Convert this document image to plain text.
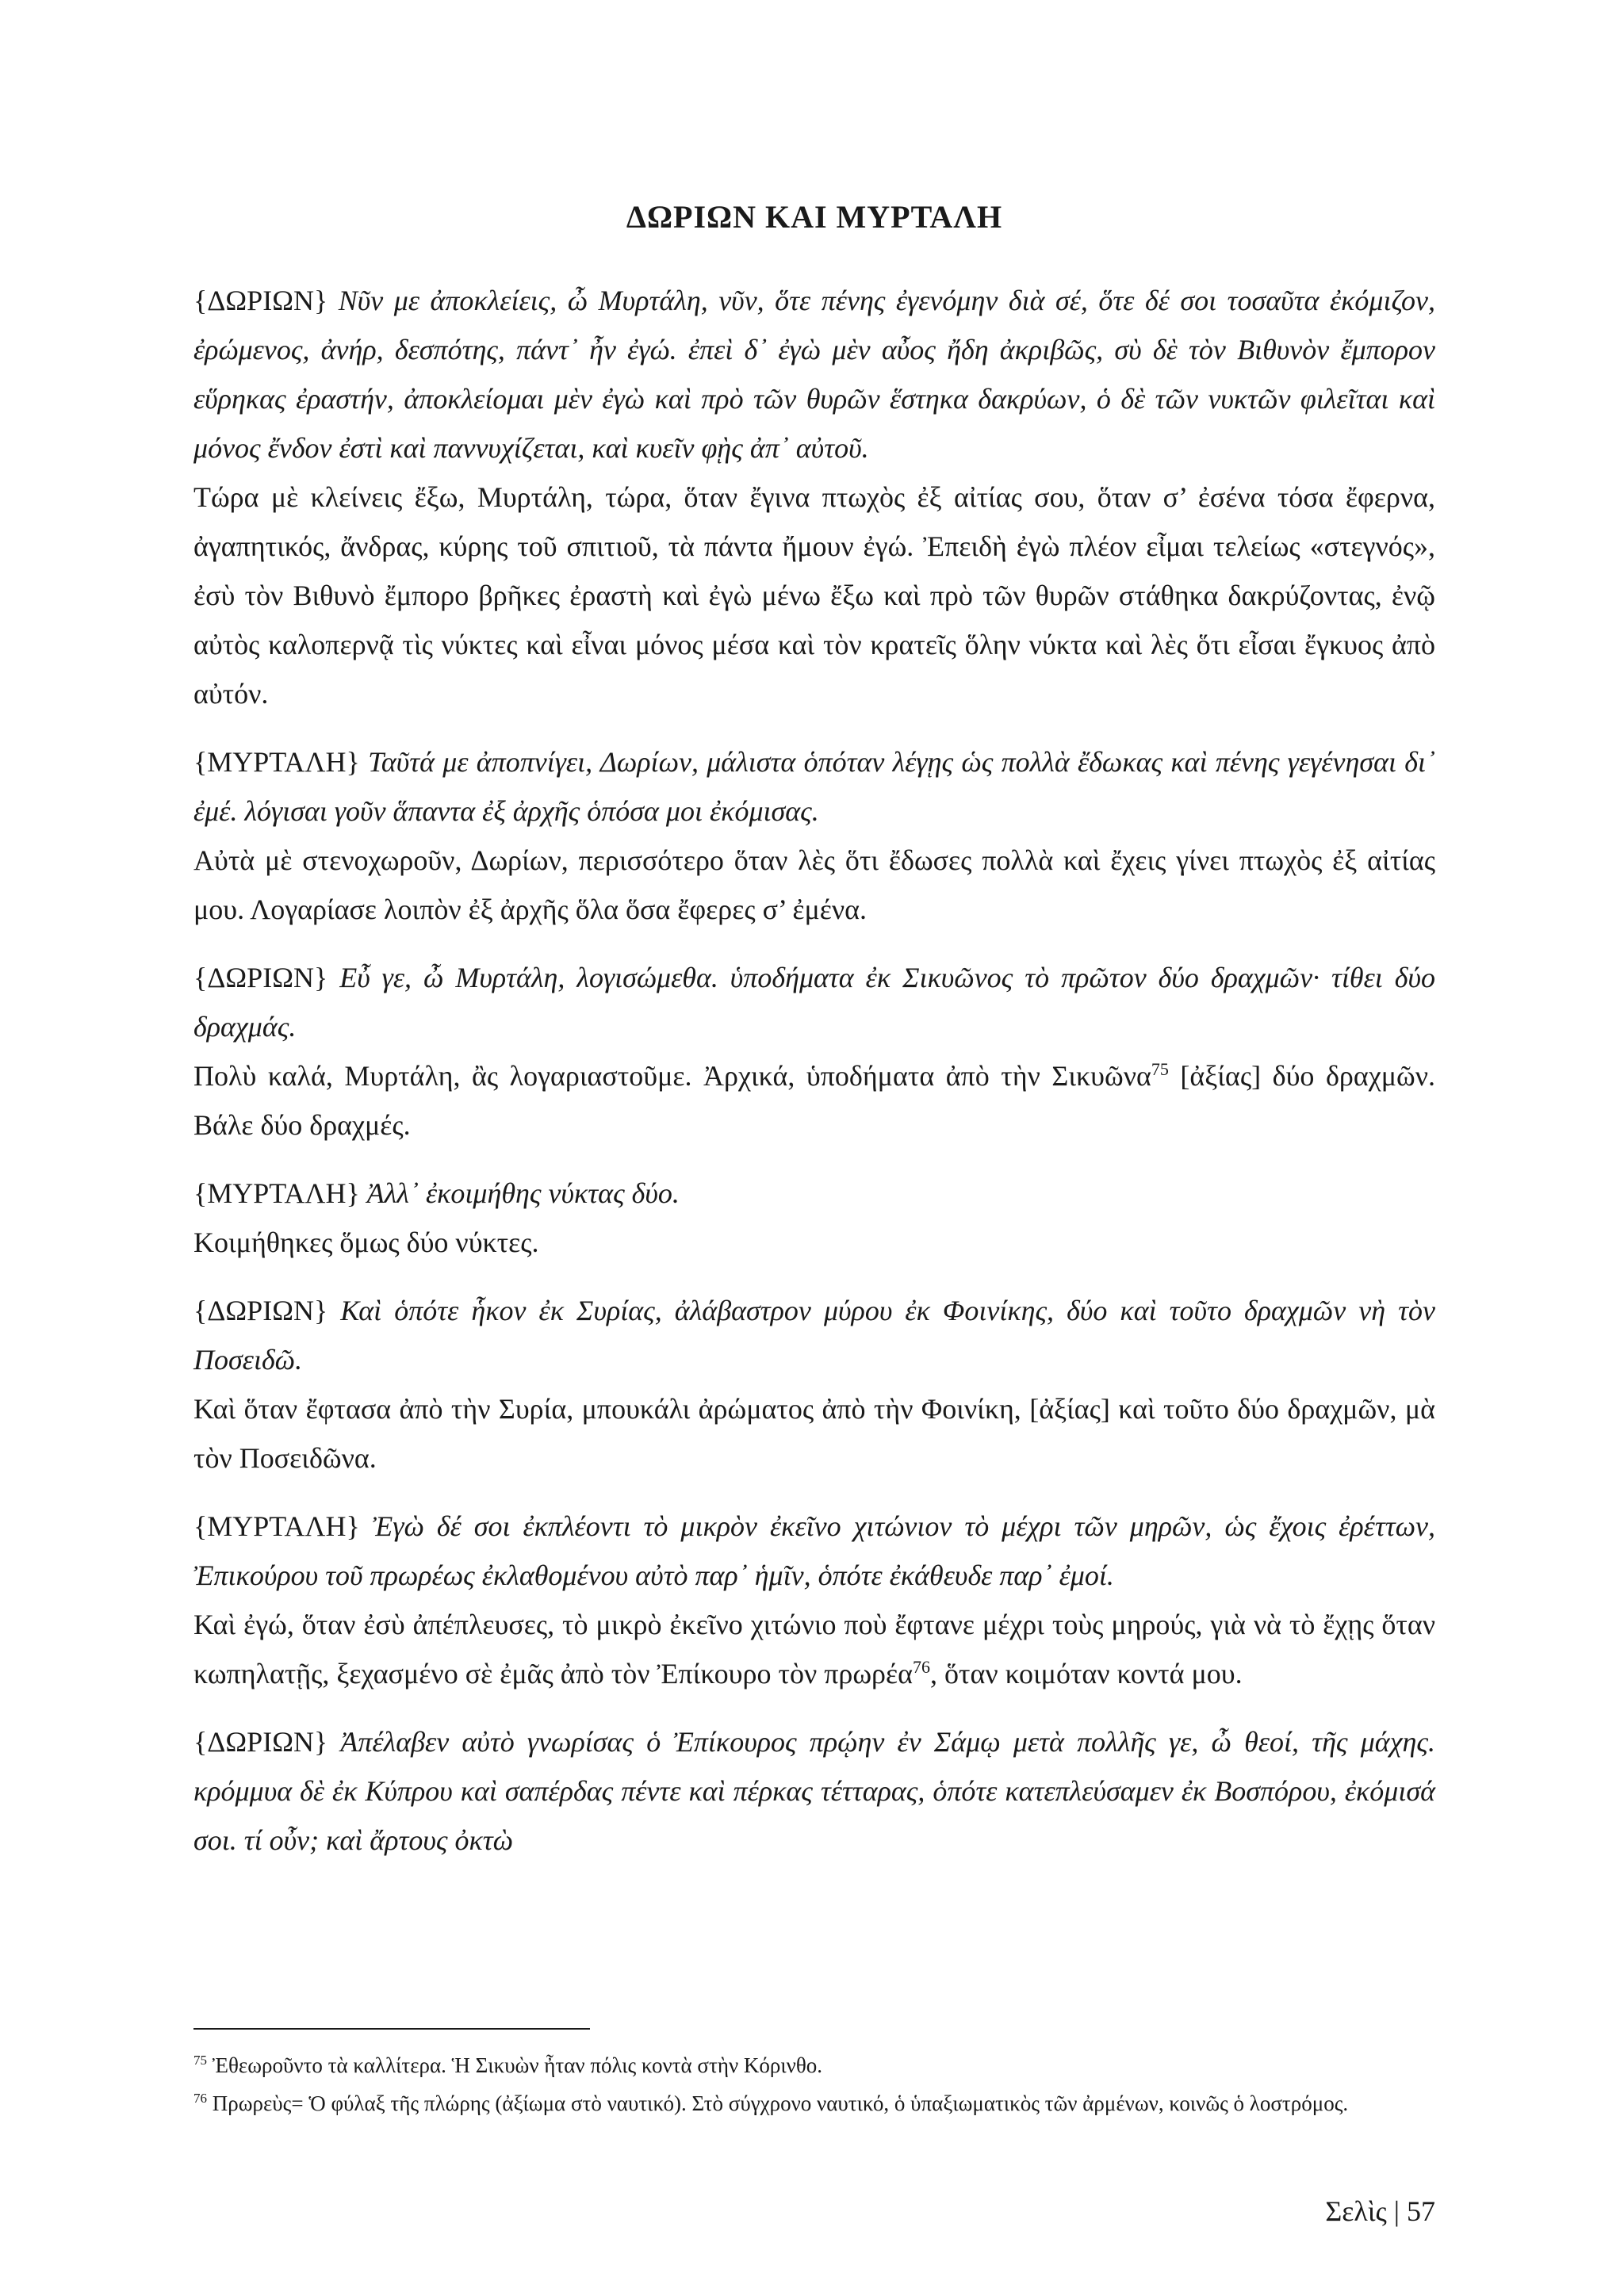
ΔΩΡΙΩΝ ΚΑΙ ΜΥΡΤΑΛΗ

{ΔΩΡΙΩΝ} Νῦν με ἀποκλείεις, ὦ Μυρτάλη, νῦν, ὅτε πένης ἐγενόμην διὰ σέ, ὅτε δέ σοι τοσαῦτα ἐκόμιζον, ἐρώμενος, ἀνήρ, δεσπότης, πάντ᾽ ἦν ἐγώ. ἐπεὶ δ᾽ ἐγὼ μὲν αὖος ἤδη ἀκριβῶς, σὺ δὲ τὸν Βιθυνὸν ἔμπορον εὕρηκας ἐραστήν, ἀποκλείομαι μὲν ἐγὼ καὶ πρὸ τῶν θυρῶν ἕστηκα δακρύων, ὁ δὲ τῶν νυκτῶν φιλεῖται καὶ μόνος ἔνδον ἐστὶ καὶ παννυχίζεται, καὶ κυεῖν φῂς ἀπ᾽ αὐτοῦ.

Τώρα μὲ κλείνεις ἔξω, Μυρτάλη, τώρα, ὅταν ἔγινα πτωχὸς ἐξ αἰτίας σου, ὅταν σ’ ἐσένα τόσα ἔφερνα, ἀγαπητικός, ἄνδρας, κύρης τοῦ σπιτιοῦ, τὰ πάντα ἤμουν ἐγώ. Ἐπειδὴ ἐγὼ πλέον εἶμαι τελείως «στεγνός», ἐσὺ τὸν Βιθυνὸ ἔμπορο βρῆκες ἐραστὴ καὶ ἐγὼ μένω ἔξω καὶ πρὸ τῶν θυρῶν στάθηκα δακρύζοντας, ἐνῷ αὐτὸς καλοπερνᾷ τὶς νύκτες καὶ εἶναι μόνος μέσα καὶ τὸν κρατεῖς ὅλην νύκτα καὶ λὲς ὅτι εἶσαι ἔγκυος ἀπὸ αὐτόν.

{ΜΥΡΤΑΛΗ} Ταῦτά με ἀποπνίγει, Δωρίων, μάλιστα ὁπόταν λέγῃς ὡς πολλὰ ἔδωκας καὶ πένης γεγένησαι δι᾽ ἐμέ. λόγισαι γοῦν ἅπαντα ἐξ ἀρχῆς ὁπόσα μοι ἐκόμισας.

Αὐτὰ μὲ στενοχωροῦν, Δωρίων, περισσότερο ὅταν λὲς ὅτι ἔδωσες πολλὰ καὶ ἔχεις γίνει πτωχὸς ἐξ αἰτίας μου. Λογαρίασε λοιπὸν ἐξ ἀρχῆς ὅλα ὅσα ἔφερες σ’ ἐμένα.

{ΔΩΡΙΩΝ} Εὖ γε, ὦ Μυρτάλη, λογισώμεθα. ὑποδήματα ἐκ Σικυῶνος τὸ πρῶτον δύο δραχμῶν· τίθει δύο δραχμάς.

Πολὺ καλά, Μυρτάλη, ἂς λογαριαστοῦμε. Ἀρχικά, ὑποδήματα ἀπὸ τὴν Σικυῶνα$^{75}$ [ἀξίας] δύο δραχμῶν. Βάλε δύο δραχμές.

{ΜΥΡΤΑΛΗ} Ἀλλ᾽ ἐκοιμήθης νύκτας δύο.

Κοιμήθηκες ὅμως δύο νύκτες.

{ΔΩΡΙΩΝ} Καὶ ὁπότε ἧκον ἐκ Συρίας, ἀλάβαστρον μύρου ἐκ Φοινίκης, δύο καὶ τοῦτο δραχμῶν νὴ τὸν Ποσειδῶ.

Καὶ ὅταν ἔφτασα ἀπὸ τὴν Συρία, μπουκάλι ἀρώματος ἀπὸ τὴν Φοινίκη, [ἀξίας] καὶ τοῦτο δύο δραχμῶν, μὰ τὸν Ποσειδῶνα.

{ΜΥΡΤΑΛΗ} Ἐγὼ δέ σοι ἐκπλέοντι τὸ μικρὸν ἐκεῖνο χιτώνιον τὸ μέχρι τῶν μηρῶν, ὡς ἔχοις ἐρέττων, Ἐπικούρου τοῦ πρωρέως ἐκλαθομένου αὐτὸ παρ᾽ ἡμῖν, ὁπότε ἐκάθευδε παρ᾽ ἐμοί.

Καὶ ἐγώ, ὅταν ἐσὺ ἀπέπλευσες, τὸ μικρὸ ἐκεῖνο χιτώνιο ποὺ ἔφτανε μέχρι τοὺς μηρούς, γιὰ νὰ τὸ ἔχῃς ὅταν κωπηλατῇς, ξεχασμένο σὲ ἐμᾶς ἀπὸ τὸν Ἐπίκουρο τὸν πρωρέα$^{76}$, ὅταν κοιμόταν κοντά μου.

{ΔΩΡΙΩΝ} Ἀπέλαβεν αὐτὸ γνωρίσας ὁ Ἐπίκουρος πρῴην ἐν Σάμῳ μετὰ πολλῆς γε, ὦ θεοί, τῆς μάχης. κρόμμυα δὲ ἐκ Κύπρου καὶ σαπέρδας πέντε καὶ πέρκας τέτταρας, ὁπότε κατεπλεύσαμεν ἐκ Βοσπόρου, ἐκόμισά σοι. τί οὖν; καὶ ἄρτους ὀκτὼ

$^{75}$ Ἐθεωροῦντο τὰ καλλίτερα. Ἡ Σικυὼν ἦταν πόλις κοντὰ στὴν Κόρινθο.

$^{76}$ Πρωρεὺς= Ὁ φύλαξ τῆς πλώρης (ἀξίωμα στὸ ναυτικό). Στὸ σύγχρονο ναυτικό, ὁ ὑπαξιωματικὸς τῶν ἀρμένων, κοινῶς ὁ λοστρόμος.

Σελὶς | 57
